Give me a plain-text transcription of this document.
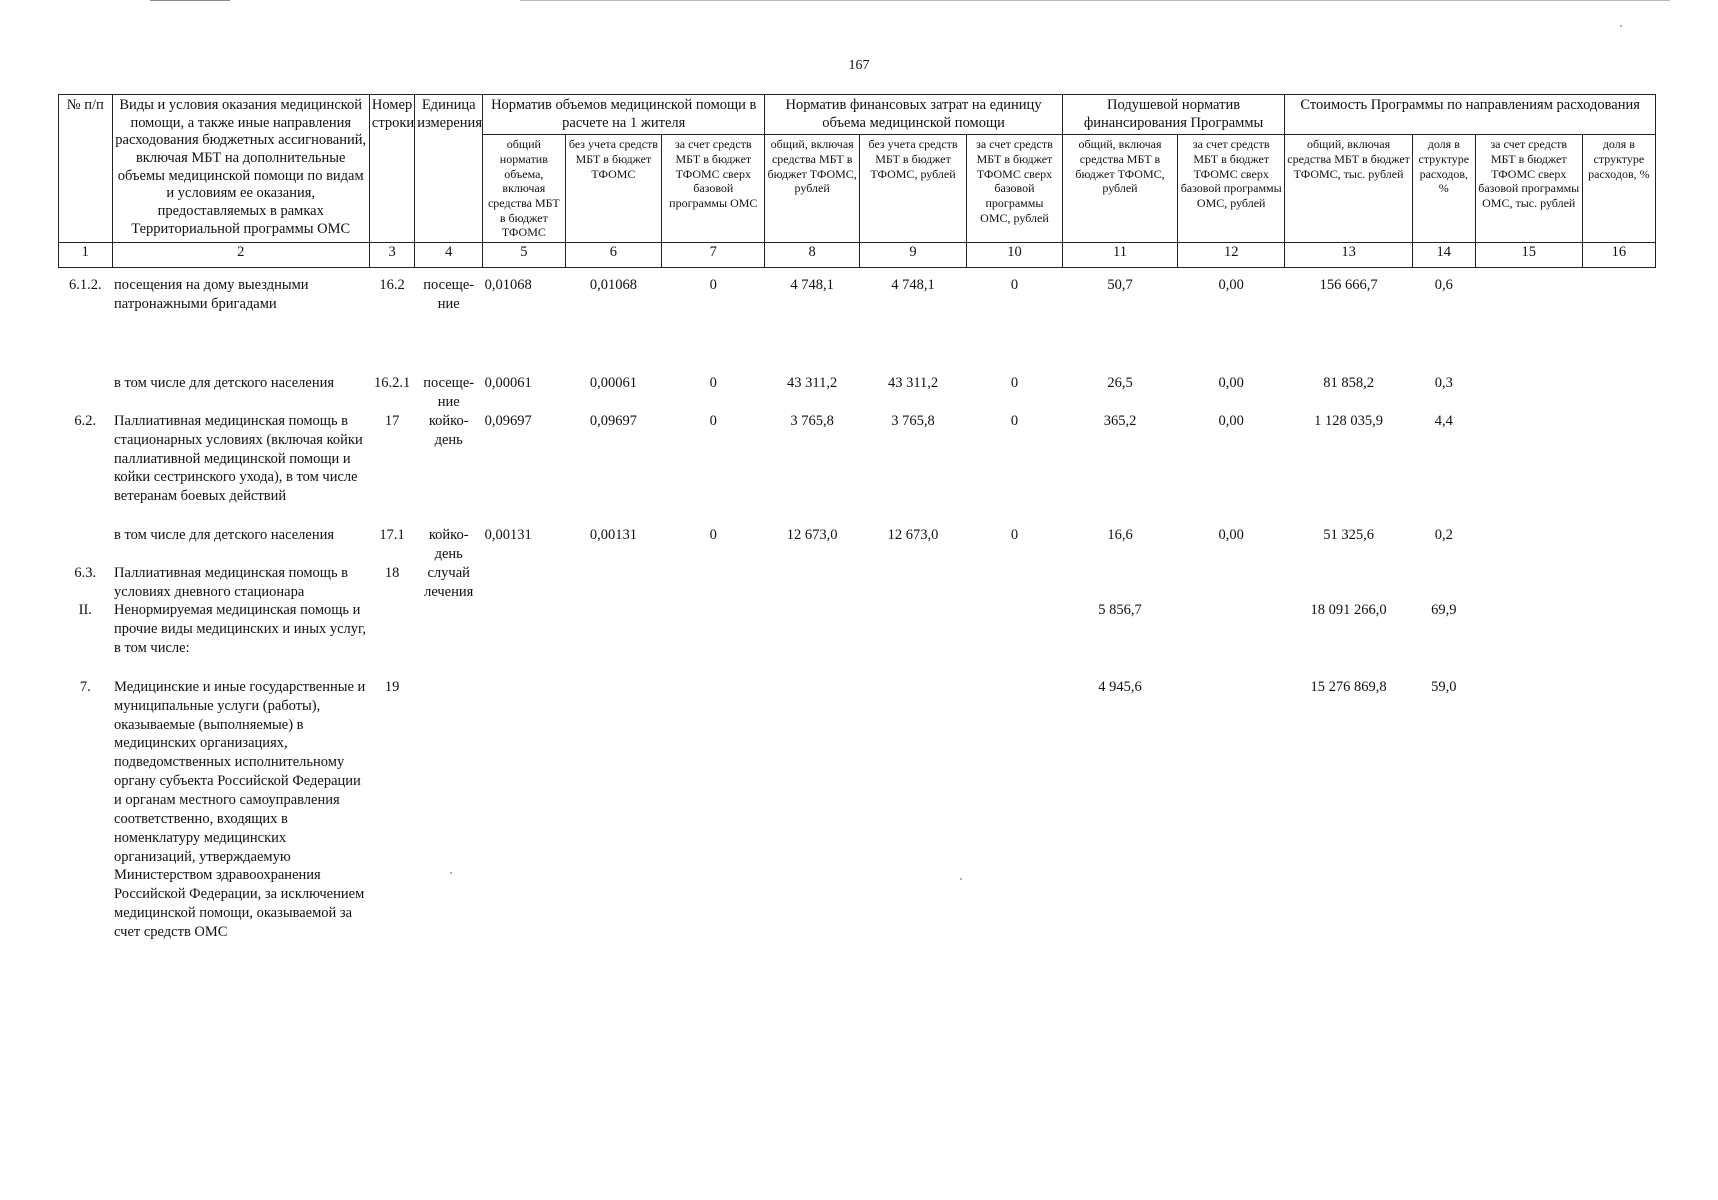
167
№ п/п	Виды и условия оказания медицинской помощи, а также иные направления расходования бюджетных ассигнований, включая МБТ на дополнительные объемы медицинской помощи по видам и условиям ее оказания, предоставляемых в рамках Территориальной программы ОМС	Номер строки	Единица измерения	Норматив объемов медицинской помощи в расчете на 1 жителя			Норматив финансовых затрат на единицу объема медицинской помощи			Подушевой норматив финансирования Программы		Стоимость Программы по направлениям расходования			
				общий норматив объема, включая средства МБТ в бюджет ТФОМС	без учета средств МБТ в бюджет ТФОМС	за счет средств МБТ в бюджет ТФОМС сверх базовой программы ОМС	общий, включая средства МБТ в бюджет ТФОМС, рублей	без учета средств МБТ в бюджет ТФОМС, рублей	за счет средств МБТ в бюджет ТФОМС сверх базовой программы ОМС, рублей	общий, включая средства МБТ в бюджет ТФОМС, рублей	за счет средств МБТ в бюджет ТФОМС сверх базовой программы ОМС, рублей	общий, включая средства МБТ в бюджет ТФОМС, тыс. рублей	доля в структуре расходов, %	за счет средств МБТ в бюджет ТФОМС сверх базовой программы ОМС, тыс. рублей	доля в структуре расходов, %
1	2	3	4	5	6	7	8	9	10	11	12	13	14	15	16

6.1.2.	посещения на дому выездными патронажными бригадами	16.2	посеще-ние	0,01068	0,01068	0	4 748,1	4 748,1	0	50,7	0,00	156 666,7	0,6		

	в том числе для детского населения	16.2.1	посеще-ние	0,00061	0,00061	0	43 311,2	43 311,2	0	26,5	0,00	81 858,2	0,3		
6.2.	Паллиативная медицинская помощь в стационарных условиях (включая койки паллиативной медицинской помощи и койки сестринского ухода), в том числе ветеранам боевых действий	17	койко-день	0,09697	0,09697	0	3 765,8	3 765,8	0	365,2	0,00	1 128 035,9	4,4		

	в том числе для детского населения	17.1	койко-день	0,00131	0,00131	0	12 673,0	12 673,0	0	16,6	0,00	51 325,6	0,2		
6.3.	Паллиативная медицинская помощь в условиях дневного стационара	18	случай лечения												
II.	Ненормируемая медицинская помощь и прочие виды медицинских и иных услуг, в том числе:									5 856,7		18 091 266,0	69,9		

7.	Медицинские и иные государственные и муниципальные услуги (работы), оказываемые (выполняемые) в медицинских организациях, подведомственных исполнительному органу субъекта Российской Федерации и органам местного самоуправления соответственно, входящих в номенклатуру медицинских организаций, утверждаемую Министерством здравоохранения Российской Федерации, за исключением медицинской помощи, оказываемой за счет средств ОМС	19								4 945,6		15 276 869,8	59,0		
